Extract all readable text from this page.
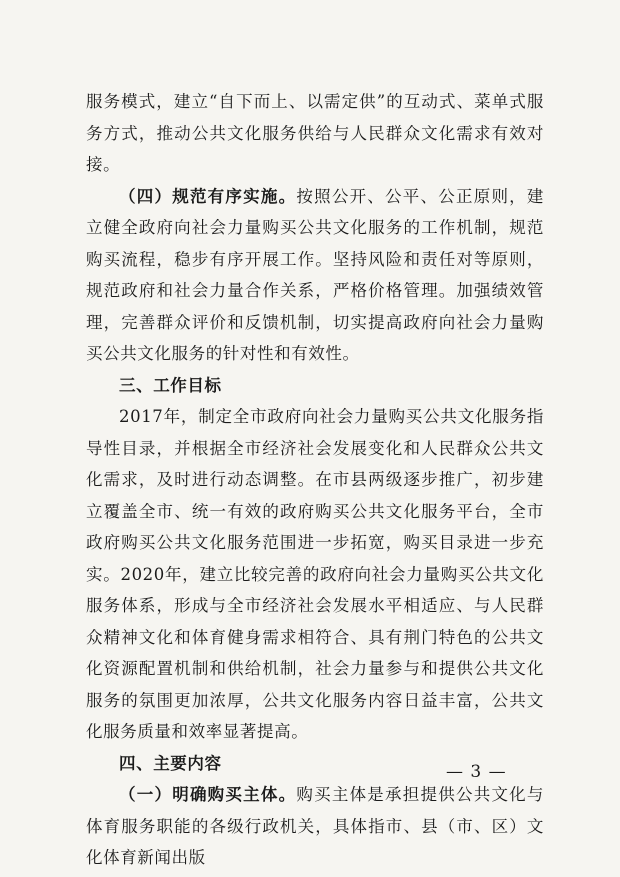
服务模式，建立“自下而上、以需定供”的互动式、菜单式服务方式，推动公共文化服务供给与人民群众文化需求有效对接。

（四）规范有序实施。按照公开、公平、公正原则，建立健全政府向社会力量购买公共文化服务的工作机制，规范购买流程，稳步有序开展工作。坚持风险和责任对等原则，规范政府和社会力量合作关系，严格价格管理。加强绩效管理，完善群众评价和反馈机制，切实提高政府向社会力量购买公共文化服务的针对性和有效性。

三、工作目标

2017年，制定全市政府向社会力量购买公共文化服务指导性目录，并根据全市经济社会发展变化和人民群众公共文化需求，及时进行动态调整。在市县两级逐步推广，初步建立覆盖全市、统一有效的政府购买公共文化服务平台，全市政府购买公共文化服务范围进一步拓宽，购买目录进一步充实。2020年，建立比较完善的政府向社会力量购买公共文化服务体系，形成与全市经济社会发展水平相适应、与人民群众精神文化和体育健身需求相符合、具有荆门特色的公共文化资源配置机制和供给机制，社会力量参与和提供公共文化服务的氛围更加浓厚，公共文化服务内容日益丰富，公共文化服务质量和效率显著提高。

四、主要内容

（一）明确购买主体。购买主体是承担提供公共文化与体育服务职能的各级行政机关，具体指市、县（市、区）文化体育新闻出版

— 3 —
